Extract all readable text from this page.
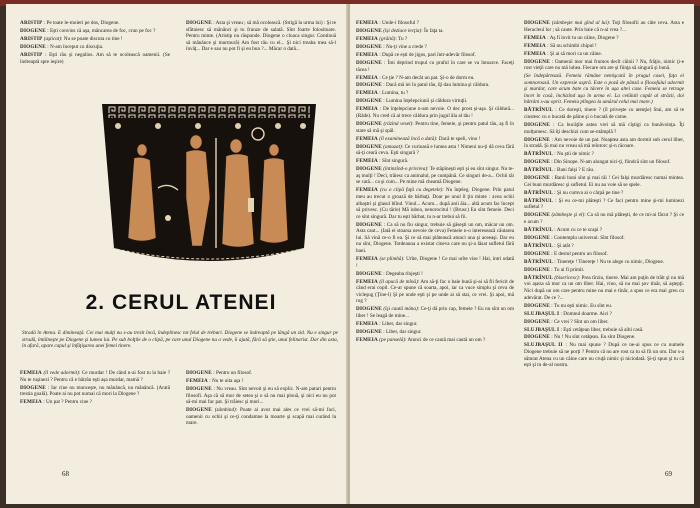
ARISTIP : Pe toate le-moieri pe dos, Diogene.

DIOGENE : Eşti convins că aşa, mâncarea de foc, crun pe foc ?

ARISTIP (aşticat): Nu se poate discuta cu tine !

DIOGENE : N-am început cu discuţia.

ARISTIP : Eşti rău şi negalios. Am să te ocolească oamenii. (Se îndreaptă spre ieşire)

DIOGENE : Asta şi vreau ; să mă ocolească. (Strigă la urma lui) : Şi te sfătuiesc să mănânci şi tu frunze de salată. Sînt foarte folositoare. Pentru minte. (Aristip nu răspunde. Diogene o cloaca singur. Continuă să mănânce şi murmură) Am fost rău cu el... Şi nici treaba mea să-l învăţ... Dar e sau nu pot fi şi eu bun ?... Măcar o dată...

2. CERUL ATENEI

Stradă în Atena. E dimineaţă. Cei mai mulţi nu s-au trezit încă, îndeplinesc tot felul de treburi. Diogene se îndreaptă pe lângă un zid. Nu e singur pe stradă, întâlneşte pe Diogene şi lumea lui. Pe sub bolţile de o clipă, pe care unul Diogene nu o vede, îi ajută, fără să ştie, unui felinarist. Dar din asta, în afară, apare capul şi înfăţişarea unei femei tinere.

FEMEIA (îl vede adormit): Ce murdar ! De când n-ai fost tu la baie ? Nu te ruşinezi ? Pentru că e bătrân eşti așa murdar, mamă ?

DIOGENE : Iar cine nu munceşte, nu mănâncă, nu mănâncă. (Arată trestia goală). Poate ai nu pot numai că mori la Diogene ?

FEMEIA : Un pat ? Pentru cine ?

DIOGENE : Pentru un filosof.

FEMEIA : Nu te uita aşa !

DIOGENE : Nu vreau. Sînt nevoit şi eu să explic. N-am paturi pentru filosofi. Aşa că să mor de setea şi o să nu mai plouă, şi nici eu nu pot să-mi mai fac pat. Şi trăiesc şi mori...

DIOGENE (zâmbind): Poate ai avut mai ales ce vrei să-mi faci, oamenii cu ochii şi ce-ţi condamne la moarte şi scapă mai curând la mare.

68

FEMEIA : Unde-i filosoful ?

DIOGENE (își dezlace lecţia): În faţa ta.

FEMEIA (grăită): Tu ?

DIOGENE : Nu-ţi vine a crede ?

FEMEIA : După ce ești de jigos, pari într-adevăr filosof.

DIOGENE : Îmi deprind trupul cu praful în care se va întoarce. Faceţi tăcea !

FEMEIA : Ce ţie ? N-am decât un pat. Şi-o de dorm eu.

DIOGENE : Dacă mă iei în patul tău, îţi dau lumina şi căldura.

FEMEIA : Lumina, tu ?

DIOGENE : Lumina înţelepciunii şi căldura virtuţii.

FEMEIA : De înţelepciune n-am nevoie. O dec prost şi-aşa. Şi căldură... (Râde). Nu cred că ai trece căldura prin jugul ăla al tău !

DIOGENE (râzînd vesel): Pentru tine, femeie, şi pentru patul tău, aş fi în stare să mă şi spăl.

FEMEIA (îl examinează încă o dată): Dacă te speli, vino !

DIOGENE (amuzat): Ce curioasă e lumea asta ! Nimeni nu-ţi dă ceva fără să-ţi ceară ceva. Eşti singură ?

FEMEIA : Sînt singură.

DIOGENE (întinzînd-o privirea): Te stăpîneşti eşti şi eu sînt singur. Nu te-aş mulţi ! Deci, trăiesc ca animalul, pe cumpănă. Ce singuri de-a... Ochii tăi se cată... ca şi cum... Pe mine mă cheamă Diogene.

FEMEIA (cu o clipă faţă cu degetele): Nu înţeleg. Diogene. Prin patul meu au trecut o groază de bărbaţi. Doar pe unul îl ţin minte : avea ochii albaştri şi glasul blînd. Vinul... Acum... după anii ăia... altă acum fac încept să privesc. (Cu tărie) Mă iubea, nenorocitul ! (Brusc) Eu sînt femeie. Deci ce sînt singură. Dar tu eşti bărbat, tu n-ar trebui să fii.

DIOGENE : Ca să nu fiu singur, trebuie să găseşti un om, măcar un om. Asta caut... (Iată ei stoarsa nevoie de ceva) Femeie n-o interesează căutarea lui. Să vină ce-o fi ea. Şi ce să mai plătească atunci una şi aceeaşi. Dar eu nu sînt, Diogene. Totdeauna a existat cineva care nu şi-a lăsat sufletul fără bani.

FEMEIA (se plimbă): Urîte, Diogene ! Ce mai urîte vise ! Hai, intri odată !

DIOGENE : Degeaba rînjeşti !

FEMEIA (îl apucă de mînă): Am să-ţi fac o baie bună şi-ai să fii fericit de când erai copil. Ce-ar spune că soarta, apoi, iar ca vuce simplu şi ceva de vicleşug (Ţine-l) Şi pe unde eşti şi pe unde ai să stai, ce vrei. Şi apoi, mă rog ?

DIOGENE (îşi caută mâna): Ce-ţi dă prin cap, femeie ? Eu nu sînt un om liber ! Se leagă de mine...

FEMEIA : Liber, dar singur.

DIOGENE : Liber, dar singur.

FEMEIA (pe panselă): Atunci de ce caută mai caută un om ?

DIOGENE (zâmbeşte mai gînd al lui): Toţi filosofii au câte ceva. Asta e Heracleul lor ; să caute. Prin baie că n-ai vrea ?...

FEMEIA : Aş fi lovit tu un câine, Diogene ?

FEMEIA : Să nu schimbi chipul !

FEMEIA : Şi ai să mori ca un câine.

DIOGENE : Oamenii mor mai frumos decît câinii ? Nu, frăţio, nimic ţi-e rost vieţii care nu mă iubea. Fiecare om are şi fiinţa să singură şi bună.

(Se îndepărtează. Femeia rămâne nemişcată în pragul casei, faţa ei somnoroasă. Un expresie aspră. Este o poză de pânză a filosofului adormit şi murdar, care acum bate cu tăcere în uşa altei case. Femeia se retrage încet în casă, închizînd uşa în urma ei. La celălalt capăt al străzii, doi bătrâni s-au oprit. Femeia plîngea la umărul celui mai mare.)

BĂTRÎNUL : Ce doreşti, tinere ? (îl priveşte cu atenţie) Stai, am să te cinstesc cu o bucată de pâine şi o bucată de carne.

DIOGENE : Ca bucăţile astea vrei să mă cîştigi ca bunăvoinţa. Îţi mulţumesc. Să îţi deschizi cum se-ntâmplă ?

DIOGENE : Am nevoie de un pat. Noaptea asta am dormit sub cerul liber, în stradă. Şi mai nu vreau să mă reîntorc şi-n răcoare.

BĂTRÎNUL : Nu ştii de nimic ?

DIOGENE : Din Sinope. N-am alungat nici-ţi, fiindcă sînt un filosof.

BĂTRÎNUL : Bani falşi ? E rău.

DIOGENE : Banii buni sînt şi mai răi ! Cei falşi murdăresc numai mintea. Cei buni murdăresc şi sufletul. Ei nu au voie să se spele.

BĂTRÎNUL : Şi nu cumva ai o cârpă pe tine ?

BĂTRÎNUL : Şi eu ce-mi plăteşti ? Ce faci pentru mine şi-mi luminezi sufletul ?

DIOGENE (zâmbeşte şi el): Ca să nu mă plăteşti, de ce mi-ai făcut ? Şi ce e acum ?

BĂTRÎNUL : Acum cu ce te scapi ?

DIOGENE : Contemplu universul. Sînt filosof.

BĂTRÎNUL : Şi atât ?

DIOGENE : E destul pentru un filosof.

BĂTRÎNUL : Tinereţe ! Tinereţe ! Nu te alege cu nimic, Diogene.

DIOGENE : Tu ai fi primit.

BĂTRÎNUL (bisericesc): Prea tîrziu, tinere. Mai am puţin de trăit şi nu mă voi aşeza să mor ca un om liber. Hai, vino, să nu mai şov tînăr, să aştepţi. Nici după un om care pentru mine nu mai e tînăr, a spus ce era mai greu cu adevărat. De ce ?...

DIOGENE : Tu nu eşti nimic. Eu sînt eu.

SLUJBAŞUL I : Domnul doarme. Aici ?

DIOGENE : Ce vrei ? Sînt un om liber.

SLUJBAŞUL I : Eşti cetăţean liber, trebuie să aibi casă.

DIOGENE : Nu ! Nu sînt cetăţean. Eu sînt Diogene.

SLUJBAŞUL II : Nu mai spune ? După ce ne-ai spus ce cu numele Diogene trebuie să ne porţi ? Pentru că nu are rost ca tu să fii un om. Dar s-a săturat Atena cu un câine care nu cruţă nimic şi niciodată. Şi-ţi spun şi tu că eşti şi tu de-al nostru.

69
